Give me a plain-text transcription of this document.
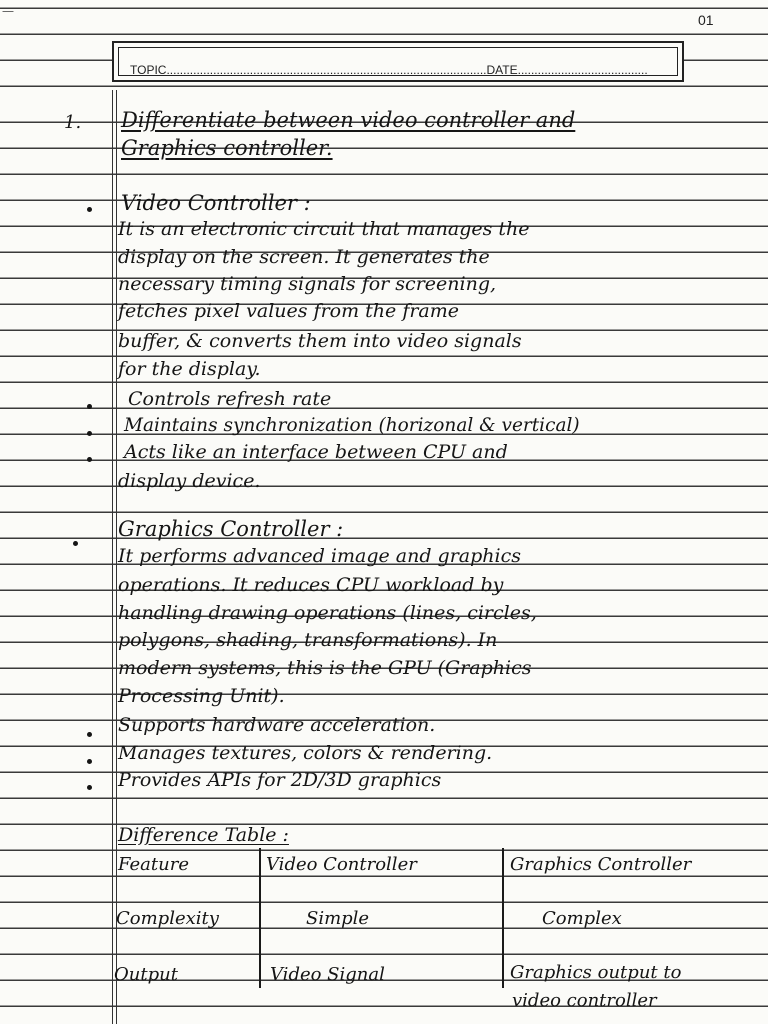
—
01
TOPIC................................................................................................DATE.......................................
1. Differentiate between video controller and
Graphics controller.
Video Controller :
It is an electronic circuit that manages the
display on the screen. It generates the
necessary timing signals for screening,
fetches pixel values from the frame
buffer, & converts them into video signals
for the display.
Controls refresh rate
Maintains synchronization (horizonal & vertical)
Acts like an interface between CPU and
display device.
Graphics Controller :
It performs advanced image and graphics
operations. It reduces CPU workload by
handling drawing operations (lines, circles,
polygons, shading, transformations). In
modern systems, this is the GPU (Graphics
Processing Unit).
Supports hardware acceleration.
Manages textures, colors & rendering.
Provides APIs for 2D/3D graphics
Difference Table :
Feature	Video Controller	Graphics Controller
Complexity	Simple	Complex
Output	Video Signal	Graphics output to
video controller
